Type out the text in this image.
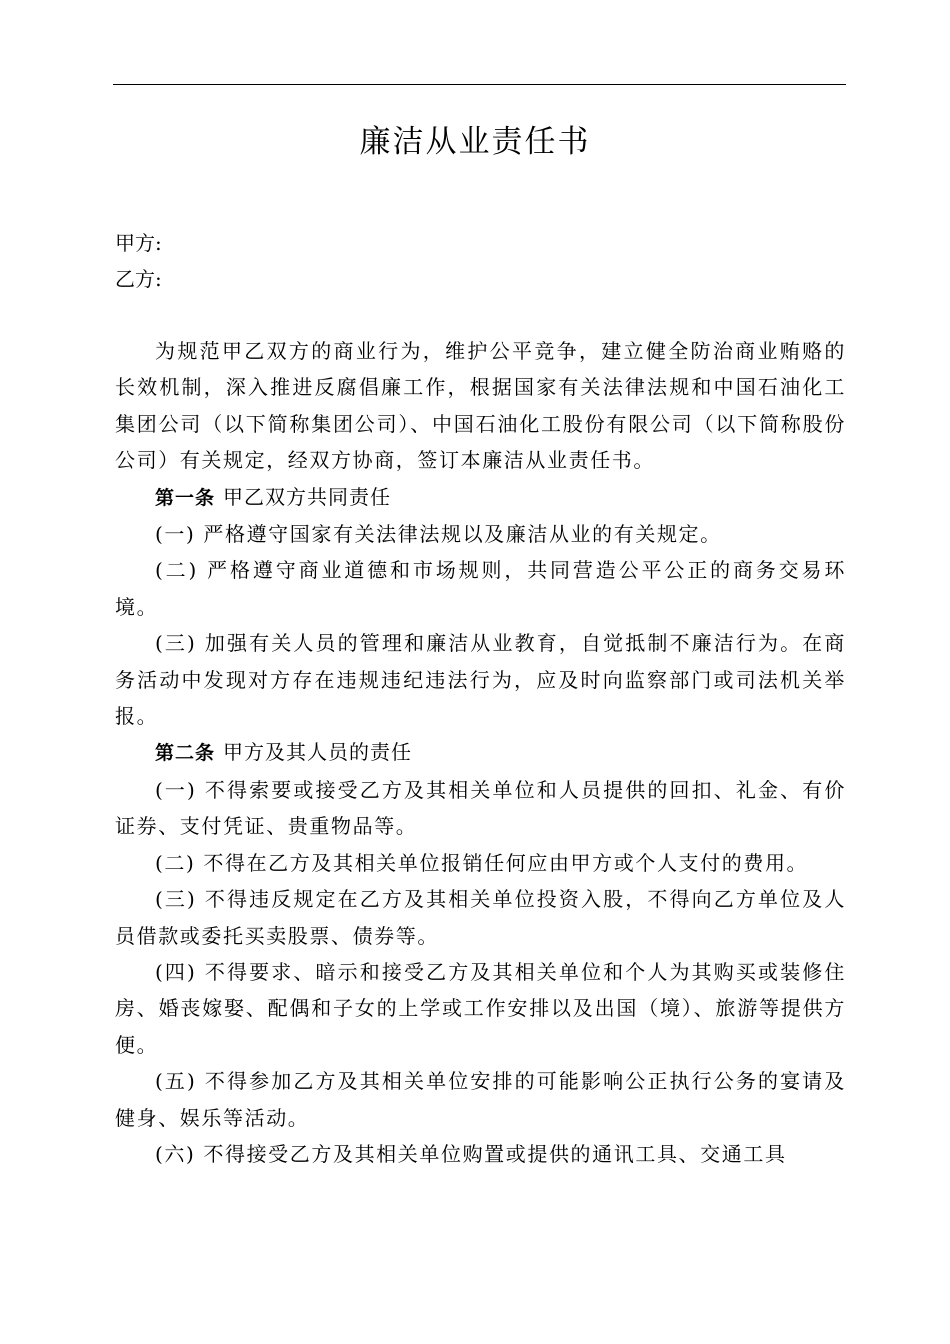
廉洁从业责任书

甲方:

乙方:

为规范甲乙双方的商业行为，维护公平竞争，建立健全防治商业贿赂的长效机制，深入推进反腐倡廉工作，根据国家有关法律法规和中国石油化工集团公司（以下简称集团公司）、中国石油化工股份有限公司（以下简称股份公司）有关规定，经双方协商，签订本廉洁从业责任书。

第一条 甲乙双方共同责任

(一) 严格遵守国家有关法律法规以及廉洁从业的有关规定。

(二) 严格遵守商业道德和市场规则，共同营造公平公正的商务交易环境。

(三) 加强有关人员的管理和廉洁从业教育，自觉抵制不廉洁行为。在商务活动中发现对方存在违规违纪违法行为，应及时向监察部门或司法机关举报。

第二条 甲方及其人员的责任

(一) 不得索要或接受乙方及其相关单位和人员提供的回扣、礼金、有价证券、支付凭证、贵重物品等。

(二) 不得在乙方及其相关单位报销任何应由甲方或个人支付的费用。

(三) 不得违反规定在乙方及其相关单位投资入股，不得向乙方单位及人员借款或委托买卖股票、债券等。

(四) 不得要求、暗示和接受乙方及其相关单位和个人为其购买或装修住房、婚丧嫁娶、配偶和子女的上学或工作安排以及出国（境）、旅游等提供方便。

(五) 不得参加乙方及其相关单位安排的可能影响公正执行公务的宴请及健身、娱乐等活动。

(六) 不得接受乙方及其相关单位购置或提供的通讯工具、交通工具
